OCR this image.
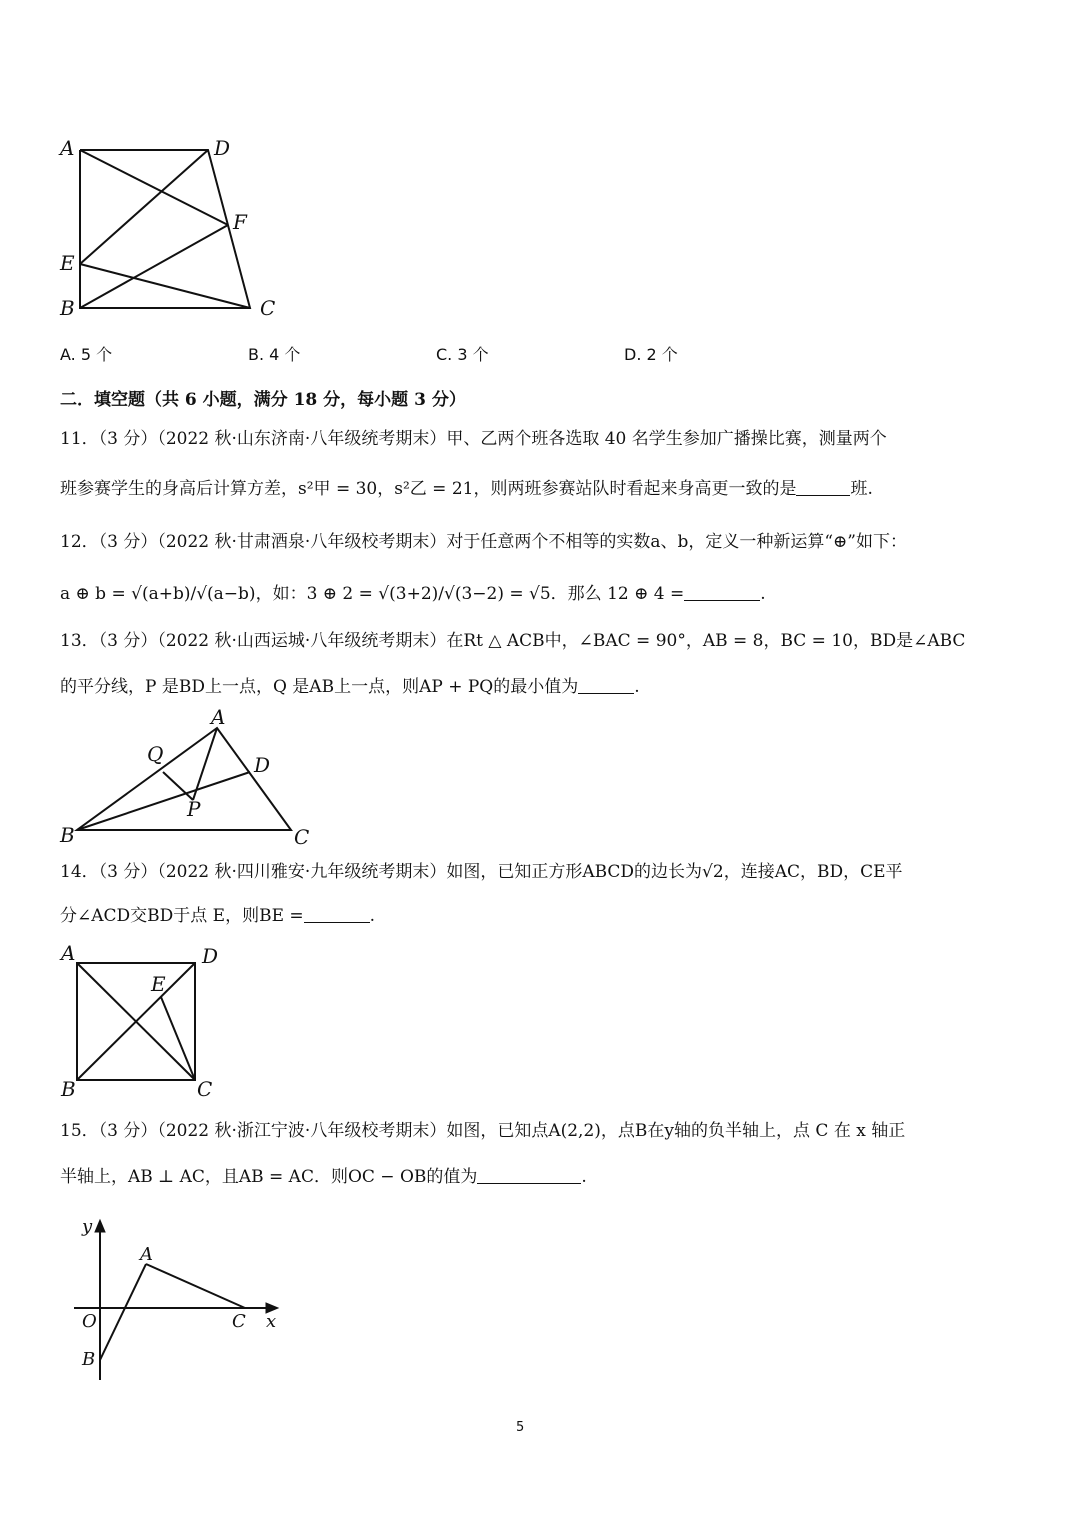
A	D
F
E
B	C
A. 5 个	B. 4 个	C. 3 个	D. 2 个
二．填空题（共 6 小题，满分 18 分，每小题 3 分）
11．（3 分）（2022 秋·山东济南·八年级统考期末）甲、乙两个班各选取 40 名学生参加广播操比赛，测量两个
班参赛学生的身高后计算方差，s²甲 = 30，s²乙 = 21，则两班参赛站队时看起来身高更一致的是	班.
12．（3 分）（2022 秋·甘肃酒泉·八年级校考期末）对于任意两个不相等的实数a、b，定义一种新运算“⊕”如下：
a ⊕ b = √(a+b)/√(a−b)，如：3 ⊕ 2 = √(3+2)/√(3−2) = √5．那么 12 ⊕ 4 =	.
13．（3 分）（2022 秋·山西运城·八年级统考期末）在Rt △ ACB中，∠BAC = 90°，AB = 8，BC = 10，BD是∠ABC
的平分线，P 是BD上一点，Q 是AB上一点，则AP + PQ的最小值为	.
A
Q	D
P
B	C
14．（3 分）（2022 秋·四川雅安·九年级统考期末）如图，已知正方形ABCD的边长为√2，连接AC，BD，CE平
分∠ACD交BD于点 E，则BE =	.
A	D
E
B	C
15．（3 分）（2022 秋·浙江宁波·八年级校考期末）如图，已知点A(2,2)，点B在y轴的负半轴上，点 C 在 x 轴正
半轴上，AB ⊥ AC，且AB = AC．则OC − OB的值为	.
y
A
O	C x
B
5
